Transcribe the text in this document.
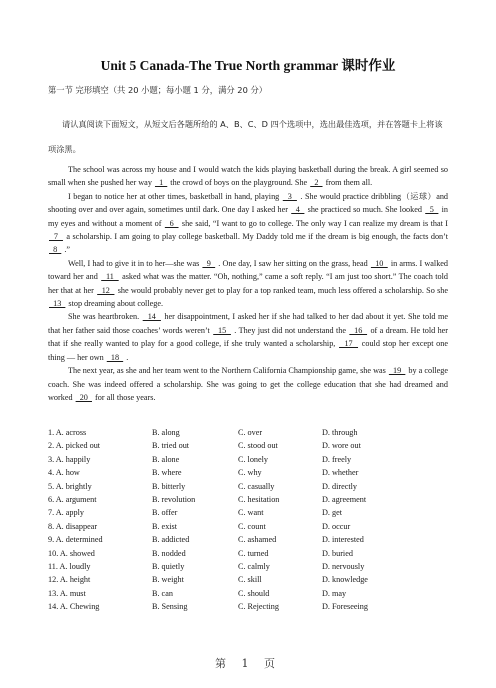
Unit 5 Canada-The True North grammar 课时作业
第一节 完形填空（共 20 小题；每小题 1 分，满分 20 分）
请认真阅读下面短文，从短文后各题所给的 A、B、C、D 四个选项中，选出最佳选项，并在答题卡上将该项涂黑。

The school was across my house and I would watch the kids playing basketball during the break. A girl seemed so small when she pushed her way   1   the crowd of boys on the playground. She   2   from them all.

I began to notice her at other times, basketball in hand, playing   3   . She would practice dribbling（运球）and shooting over and over again, sometimes until dark. One day I asked her   4   she practiced so much. She looked   5   in my eyes and without a moment of   6   she said, “I want to go to college. The only way I can realize my dream is that I   7   a scholarship. I am going to play college basketball. My Daddy told me if the dream is big enough, the facts don’t   8   .”

Well, I had to give it in to her—she was   9   . One day, I saw her sitting on the grass, head   10   in arms. I walked toward her and   11   asked what was the matter. “Oh, nothing,” came a soft reply. “I am just too short.” The coach told her that at her   12   she would probably never get to play for a top ranked team, much less offered a scholarship. So she   13   stop dreaming about college.

She was heartbroken.   14   her disappointment, I asked her if she had talked to her dad about it yet. She told me that her father said those coaches’ words weren’t   15   . They just did not understand the   16   of a dream. He told her that if she really wanted to play for a good college, if she truly wanted a scholarship,   17   could stop her except one thing — her own   18   .

The next year, as she and her team went to the Northern California Championship game, she was   19   by a college coach. She was indeed offered a scholarship. She was going to get the college education that she had dreamed and worked   20   for all those years.

1. A. across	B. along	C. over	D. through
2. A. picked out	B. tried out	C. stood out	D. wore out
3. A. happily	B. alone	C. lonely	D. freely
4. A. how	B. where	C. why	D. whether
5. A. brightly	B. bitterly	C. casually	D. directly
6. A. argument	B. revolution	C. hesitation	D. agreement
7. A. apply	B. offer	C. want	D. get
8. A. disappear	B. exist	C. count	D. occur
9. A. determined	B. addicted	C. ashamed	D. interested
10. A. showed	B. nodded	C. turned	D. buried
11. A. loudly	B. quietly	C. calmly	D. nervously
12. A. height	B. weight	C. skill	D. knowledge
13. A. must	B. can	C. should	D. may
14. A. Chewing	B. Sensing	C. Rejecting	D. Foreseeing
第 1 页
